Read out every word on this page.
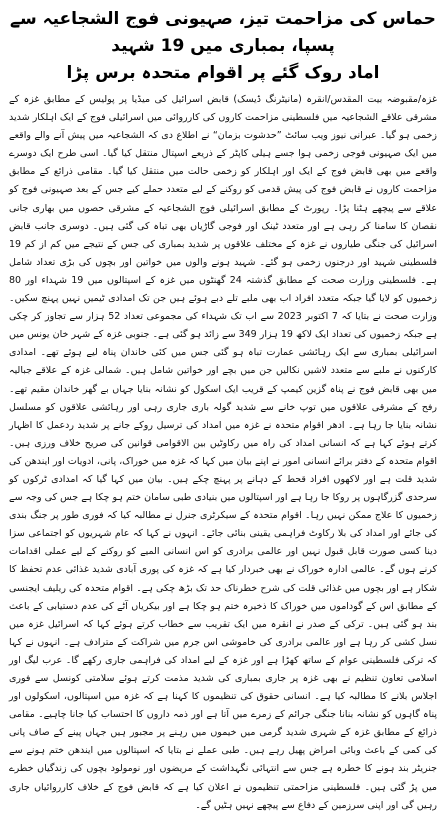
حماس کی مزاحمت تیز، صہیونی فوج الشجاعیہ سے پسپا، بمباری میں 19 شہید
اماد روک گئے پر اقوام متحدہ برس پڑا

غزہ/مقبوضہ بیت المقدس/انقرہ (مانیٹرنگ ڈیسک) قابض اسرائیل کی میڈیا پر پولیس کے مطابق غزہ کے مشرقی علاقے الشجاعیہ میں فلسطینی مزاحمت کاروں کی کارروائی میں اسرائیلی فوج کے ایک اہلکار شدید زخمی ہو گیا۔ عبرانی نیوز ویب سائٹ ”حدشوت بزمان“ نے اطلاع دی کہ الشجاعیہ میں پیش آنے والے واقعے میں ایک صہیونی فوجی زخمی ہوا جسے ہیلی کاپٹر کے ذریعے اسپتال منتقل کیا گیا۔ اسی طرح ایک دوسرے واقعے میں بھی قابض فوج کے ایک اور اہلکار کو زخمی حالت میں منتقل کیا گیا۔ مقامی ذرائع کے مطابق مزاحمت کاروں نے قابض فوج کی پیش قدمی کو روکنے کے لیے متعدد حملے کیے جس کے بعد صہیونی فوج کو علاقے سے پیچھے ہٹنا پڑا۔ رپورٹ کے مطابق اسرائیلی فوج الشجاعیہ کے مشرقی حصوں میں بھاری جانی نقصان کا سامنا کر رہی ہے اور متعدد ٹینک اور فوجی گاڑیاں بھی تباہ کی گئی ہیں۔ دوسری جانب قابض اسرائیل کی جنگی طیاروں نے غزہ کے مختلف علاقوں پر شدید بمباری کی جس کے نتیجے میں کم از کم 19 فلسطینی شہید اور درجنوں زخمی ہو گئے۔ شہید ہونے والوں میں خواتین اور بچوں کی بڑی تعداد شامل ہے۔ فلسطینی وزارت صحت کے مطابق گذشتہ 24 گھنٹوں میں غزہ کے اسپتالوں میں 19 شہداء اور 80 زخمیوں کو لایا گیا جبکہ متعدد افراد اب بھی ملبے تلے دبے ہوئے ہیں جن تک امدادی ٹیمیں نہیں پہنچ سکیں۔ وزارت صحت نے بتایا کہ 7 اکتوبر 2023 سے اب تک شہداء کی مجموعی تعداد 52 ہزار سے تجاوز کر چکی ہے جبکہ زخمیوں کی تعداد ایک لاکھ 19 ہزار 349 سے زائد ہو گئی ہے۔ جنوبی غزہ کے شہر خان یونس میں اسرائیلی بمباری سے ایک رہائشی عمارت تباہ ہو گئی جس میں کئی خاندان پناہ لیے ہوئے تھے۔ امدادی کارکنوں نے ملبے سے متعدد لاشیں نکالیں جن میں بچے اور خواتین شامل ہیں۔ شمالی غزہ کے علاقے جبالیہ میں بھی قابض فوج نے پناہ گزین کیمپ کے قریب ایک اسکول کو نشانہ بنایا جہاں بے گھر خاندان مقیم تھے۔ رفح کے مشرقی علاقوں میں توپ خانے سے شدید گولہ باری جاری رہی اور رہائشی علاقوں کو مسلسل نشانہ بنایا جا رہا ہے۔ ادھر اقوام متحدہ نے غزہ میں امداد کی ترسیل روکے جانے پر شدید ردعمل کا اظہار کرتے ہوئے کہا ہے کہ انسانی امداد کی راہ میں رکاوٹیں بین الاقوامی قوانین کی صریح خلاف ورزی ہیں۔ اقوام متحدہ کے دفتر برائے انسانی امور نے اپنے بیان میں کہا کہ غزہ میں خوراک، پانی، ادویات اور ایندھن کی شدید قلت ہے اور لاکھوں افراد قحط کے دہانے پر پہنچ چکے ہیں۔ بیان میں کہا گیا کہ امدادی ٹرکوں کو سرحدی گزرگاہوں پر روکا جا رہا ہے اور اسپتالوں میں بنیادی طبی سامان ختم ہو چکا ہے جس کی وجہ سے زخمیوں کا علاج ممکن نہیں رہا۔ اقوام متحدہ کے سیکرٹری جنرل نے مطالبہ کیا کہ فوری طور پر جنگ بندی کی جائے اور امداد کی بلا رکاوٹ فراہمی یقینی بنائی جائے۔ انہوں نے کہا کہ عام شہریوں کو اجتماعی سزا دینا کسی صورت قابل قبول نہیں اور عالمی برادری کو اس انسانی المیے کو روکنے کے لیے عملی اقدامات کرنے ہوں گے۔ عالمی ادارہ خوراک نے بھی خبردار کیا ہے کہ غزہ کی پوری آبادی شدید غذائی عدم تحفظ کا شکار ہے اور بچوں میں غذائی قلت کی شرح خطرناک حد تک بڑھ چکی ہے۔ اقوام متحدہ کی ریلیف ایجنسی کے مطابق اس کے گوداموں میں خوراک کا ذخیرہ ختم ہو چکا ہے اور بیکریاں آٹے کی عدم دستیابی کے باعث بند ہو گئی ہیں۔ ترکی کے صدر نے انقرہ میں ایک تقریب سے خطاب کرتے ہوئے کہا کہ اسرائیل غزہ میں نسل کشی کر رہا ہے اور عالمی برادری کی خاموشی اس جرم میں شراکت کے مترادف ہے۔ انہوں نے کہا کہ ترکی فلسطینی عوام کے ساتھ کھڑا ہے اور غزہ کے لیے امداد کی فراہمی جاری رکھے گا۔ عرب لیگ اور اسلامی تعاون تنظیم نے بھی غزہ پر جاری بمباری کی شدید مذمت کرتے ہوئے سلامتی کونسل سے فوری اجلاس بلانے کا مطالبہ کیا ہے۔ انسانی حقوق کی تنظیموں کا کہنا ہے کہ غزہ میں اسپتالوں، اسکولوں اور پناہ گاہوں کو نشانہ بنانا جنگی جرائم کے زمرے میں آتا ہے اور ذمہ داروں کا احتساب کیا جانا چاہیے۔ مقامی ذرائع کے مطابق غزہ کے شہری شدید گرمی میں خیموں میں رہنے پر مجبور ہیں جہاں پینے کے صاف پانی کی کمی کے باعث وبائی امراض پھیل رہے ہیں۔ طبی عملے نے بتایا کہ اسپتالوں میں ایندھن ختم ہونے سے جنریٹر بند ہونے کا خطرہ ہے جس سے انتہائی نگہداشت کے مریضوں اور نومولود بچوں کی زندگیاں خطرے میں پڑ گئی ہیں۔ فلسطینی مزاحمتی تنظیموں نے اعلان کیا ہے کہ قابض فوج کے خلاف کارروائیاں جاری رہیں گی اور اپنی سرزمین کے دفاع سے پیچھے نہیں ہٹیں گے۔
